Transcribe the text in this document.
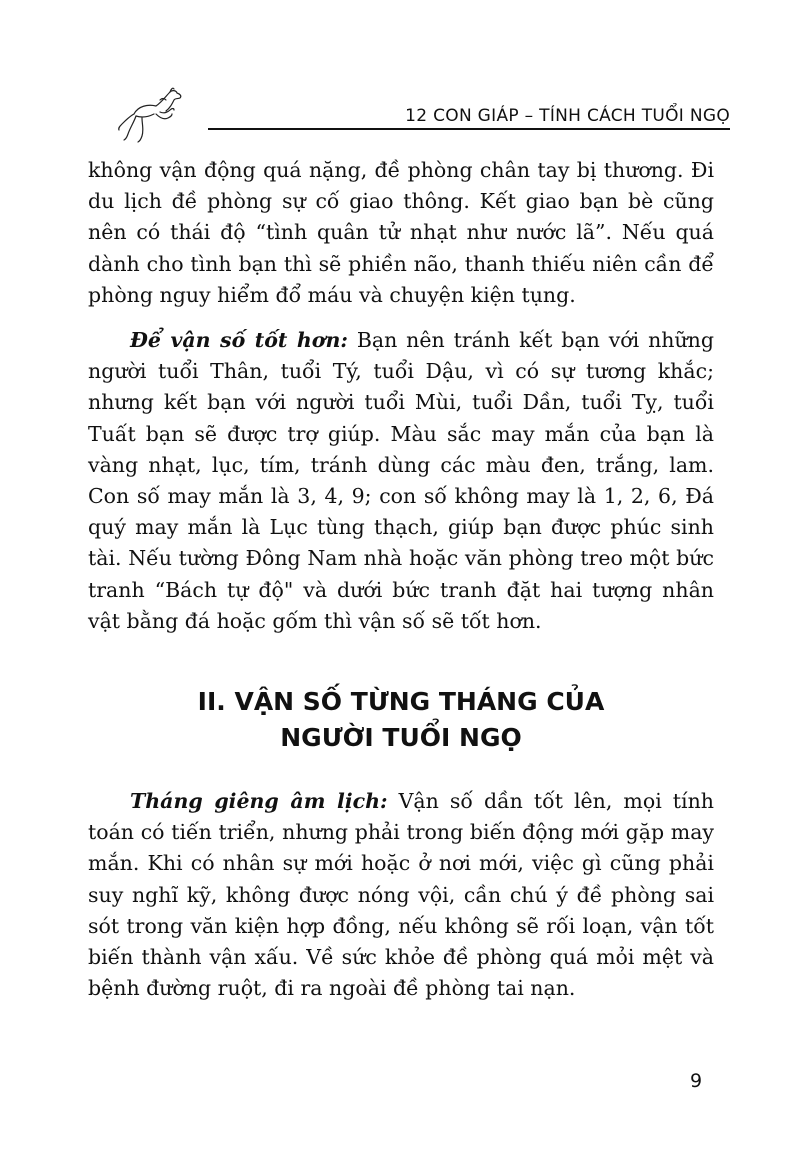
12 CON GIÁP – TÍNH CÁCH TUỔI NGỌ

không vận động quá nặng, đề phòng chân tay bị thương. Đi du lịch đề phòng sự cố giao thông. Kết giao bạn bè cũng nên có thái độ “tình quân tử nhạt như nước lã”. Nếu quá dành cho tình bạn thì sẽ phiền não, thanh thiếu niên cần để phòng nguy hiểm đổ máu và chuyện kiện tụng.

Để vận số tốt hơn: Bạn nên tránh kết bạn với những người tuổi Thân, tuổi Tý, tuổi Dậu, vì có sự tương khắc; nhưng kết bạn với người tuổi Mùi, tuổi Dần, tuổi Tỵ, tuổi Tuất bạn sẽ được trợ giúp. Màu sắc may mắn của bạn là vàng nhạt, lục, tím, tránh dùng các màu đen, trắng, lam. Con số may mắn là 3, 4, 9; con số không may là 1, 2, 6, Đá quý may mắn là Lục tùng thạch, giúp bạn được phúc sinh tài. Nếu tường Đông Nam nhà hoặc văn phòng treo một bức tranh “Bách tự độ" và dưới bức tranh đặt hai tượng nhân vật bằng đá hoặc gốm thì vận số sẽ tốt hơn.

II. VẬN SỐ TỪNG THÁNG CỦA
NGƯỜI TUỔI NGỌ

Tháng giêng âm lịch: Vận số dần tốt lên, mọi tính toán có tiến triển, nhưng phải trong biến động mới gặp may mắn. Khi có nhân sự mới hoặc ở nơi mới, việc gì cũng phải suy nghĩ kỹ, không được nóng vội, cần chú ý đề phòng sai sót trong văn kiện hợp đồng, nếu không sẽ rối loạn, vận tốt biến thành vận xấu. Về sức khỏe đề phòng quá mỏi mệt và bệnh đường ruột, đi ra ngoài đề phòng tai nạn.

9
